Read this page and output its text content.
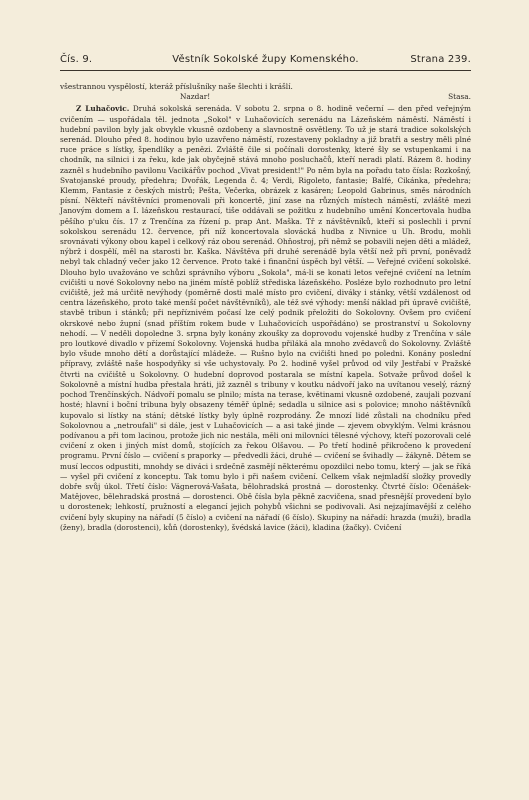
Čís. 9.	Věstník Sokolské župy Komenského.	Strana 239.

všestrannou vyspělostí, kteráž příslušníky naše šlechti i krášlí.

Nazdar!	Stasa.

Z Luhačovic. Druhá sokolská serenáda. V sobotu 2. srpna o 8. hodině večerní — den před veřejným cvičením — uspořádala těl. jednota „Sokol" v Luhačovicích serenádu na Lázeňském náměstí. Náměstí i hudební pavilon byly jak obvykle vkusně ozdobeny a slavnostně osvětleny. To už je stará tradice sokolských serenád. Dlouho před 8. hodinou bylo uzavřeno náměstí, rozestaveny pokladny a již bratři a sestry měli plné ruce práce s lístky, špendlíky a penězi. Zvláště čile si počínali dorostenky, které šly se vstupenkami i na chodník, na silnici i za řeku, kde jak obyčejně stává mnoho posluchačů, kteří neradi platí. Rázem 8. hodiny zazněl s hudebního pavilonu Vacikářův pochod „Vivat president!" Po něm byla na pořadu tato čísla: Rozkošný, Svatojanské proudy, předehra; Dvořák, Legenda č. 4; Verdi, Rigoleto, fantasie; Balfé, Cikánka, předehra; Klemm, Fantasie z českých mistrů; Pešta, Večerka, obrázek z kasáren; Leopold Gabrinus, směs národních písní. Někteří návštěvníci promenovali při koncertě, jiní zase na různých místech náměstí, zvláště mezi Janovým domem a I. lázeňskou restaurací, tiše oddávali se požitku z hudebního umění Koncertovala hudba pěšího p'uku čís. 17 z Trenčína za řízení p. prap Ant. Maška. Tř z návštěvníků, kteří si poslechli i první sokolskou serenádu 12. července, při níž koncertovala slovácká hudba z Nivnice u Uh. Brodu, mohli srovnávati výkony obou kapel i celkový ráz obou serenád. Ohňostroj, při němž se pobavili nejen děti a mládež, nýbrž i dospělí, měl na starosti br. Kaška. Návštěva při druhé serenádě byla větší než při první, poněvadž nebyl tak chladný večer jako 12 července. Proto také i finanční úspěch byl větší. — Veřejné cvičení sokolské. Dlouho bylo uvažováno ve schůzi správního výboru „Sokola", má-li se konati letos veřejné cvičení na letním cvičišti u nové Sokolovny nebo na jiném místě poblíž střediska lázeňského. Posléze bylo rozhodnuto pro letní cvičiště, jež má určitě nevýhody (poměrně dosti malé místo pro cvičení, diváky i stánky, větší vzdálenost od centra lázeňského, proto také menší počet návštěvníků), ale též své výhody: menší náklad při úpravě cvičiště, stavbě tribun i stánků; při nepříznivém počasí lze celý podnik přeložiti do Sokolovny. Ovšem pro cvičení okrskové nebo župní (snad příštím rokem bude v Luhačovicích uspořádáno) se prostranství u Sokolovny nehodí. — V neděli dopoledne 3. srpna byly konány zkoušky za doprovodu vojenské hudby z Trenčína v sále pro loutkové divadlo v přízemí Sokolovny. Vojenská hudba přiláká ala mnoho zvědavců do Sokolovny. Zvláště bylo všude mnoho dětí a dorůstající mládeže. — Rušno bylo na cvičišti hned po poledni. Konány poslední přípravy, zvláště naše hospodyňky si vše uchystovaly. Po 2. hodině vyšel průvod od vily Jestřabí v Pražské čtvrti na cvičiště u Sokolovny. O hudební doprovod postarala se místní kapela. Sotvaže průvod došel k Sokolovně a místní hudba přestala hráti, již zazněl s tribuny v koutku nádvoří jako na uvítanou veselý, rázný pochod Trenčínských. Nádvoří pomalu se plnilo; místa na terase, květinami vkusně ozdobené, zaujali pozvaní hosté; hlavní i boční tribuna byly obsazeny téměř úplně; sedadla u silnice asi s polovice; mnoho náštěvníků kupovalo si lístky na stání; dětské lístky byly úplně rozprodány. Že mnozí lidé zůstali na chodníku před Sokolovnou a „netroufali" si dále, jest v Luhačovicích — a asi také jinde — zjevem obvyklým. Velmi krásnou podívanou a při tom lacinou, protože jich nic nestála, měli oni milovníci tělesné výchovy, kteří pozorovali celé cvičení z oken i jiných míst domů, stojících za řekou Olšavou. — Po třetí hodině přikročeno k provedení programu. První číslo — cvičení s praporky — předvedli žáci, druhé — cvičení se švihadly — žákyně. Dětem se musí leccos odpustiti, mnohdy se diváci i srdečně zasmějí některému opozdilci nebo tomu, který — jak se říká — vyšel při cvičení z konceptu. Tak tomu bylo i při našem cvičení. Celkem však nejmladší složky provedly dobře svůj úkol. Třetí číslo: Vágnerová-Vašata, bělohradská prostná — dorostenky. Čtvrté číslo: Očenášek-Matějovec, bělehradská prostná — dorostenci. Obě čísla byla pěkně zacvičena, snad přesnější provedení bylo u dorostenek; lehkostí, pružností a elegancí jejich pohybů všichni se podivovali. Asi nejzajímavější z celého cvičení byly skupiny na nářadí (5 číslo) a cvičení na nářadí (6 číslo). Skupiny na nářadí: hrazda (muži), bradla (ženy), bradla (dorostenci), kůň (dorostenky), švédská lavice (žáci), kladina (žačky). Cvičení
